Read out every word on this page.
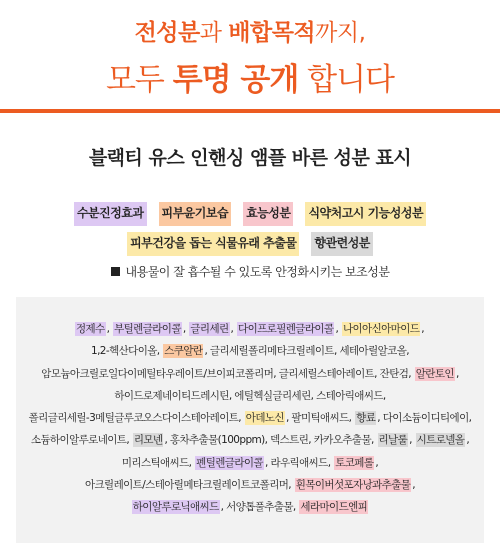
전성분과 배합목적까지,
모두 투명 공개 합니다
블랙티 유스 인핸싱 앰플 바른 성분 표시
수분진정효과 피부윤기보습 효능성분 식약처고시 기능성성분
피부건강을 돕는 식물유래 추출물 향관련성분
내용물이 잘 흡수될 수 있도록 안정화시키는 보조성분
정제수 , 부틸렌글라이콜 , 글리세린 , 다이프로필렌글라이콜 , 나이아신아마이드 ,
1,2-헥산다이올, 스쿠알란 , 글리세릴폴리메타크릴레이트, 세테아릴알코올,
암모늄아크릴로일다이메틸타우레이트/브이피코폴리머, 글리세릴스테아레이트, 잔탄검, 알란토인 ,
하이드로제네이티드레시틴, 에틸헥실글리세린, 스테아릭애씨드,
폴리글리세릴-3메틸글루코오스다이스테아레이트, 아데노신 , 팔미틱애씨드, 향료 , 다이소듐이디티에이,
소듐하이알루로네이트, 리모넨 , 홍차추출물(100ppm), 덱스트린, 카카오추출물, 리날룰 , 시트로넬올 ,
미리스틱애씨드, 펜틸렌글라이콜 , 라우릭애씨드, 토코페롤 ,
아크릴레이트/스테아릴메타크릴레이트코폴리머, 흰목이버섯포자낭과추출물 ,
하이알루로닉애씨드 , 서양톱풀추출물, 세라마이드엔피
